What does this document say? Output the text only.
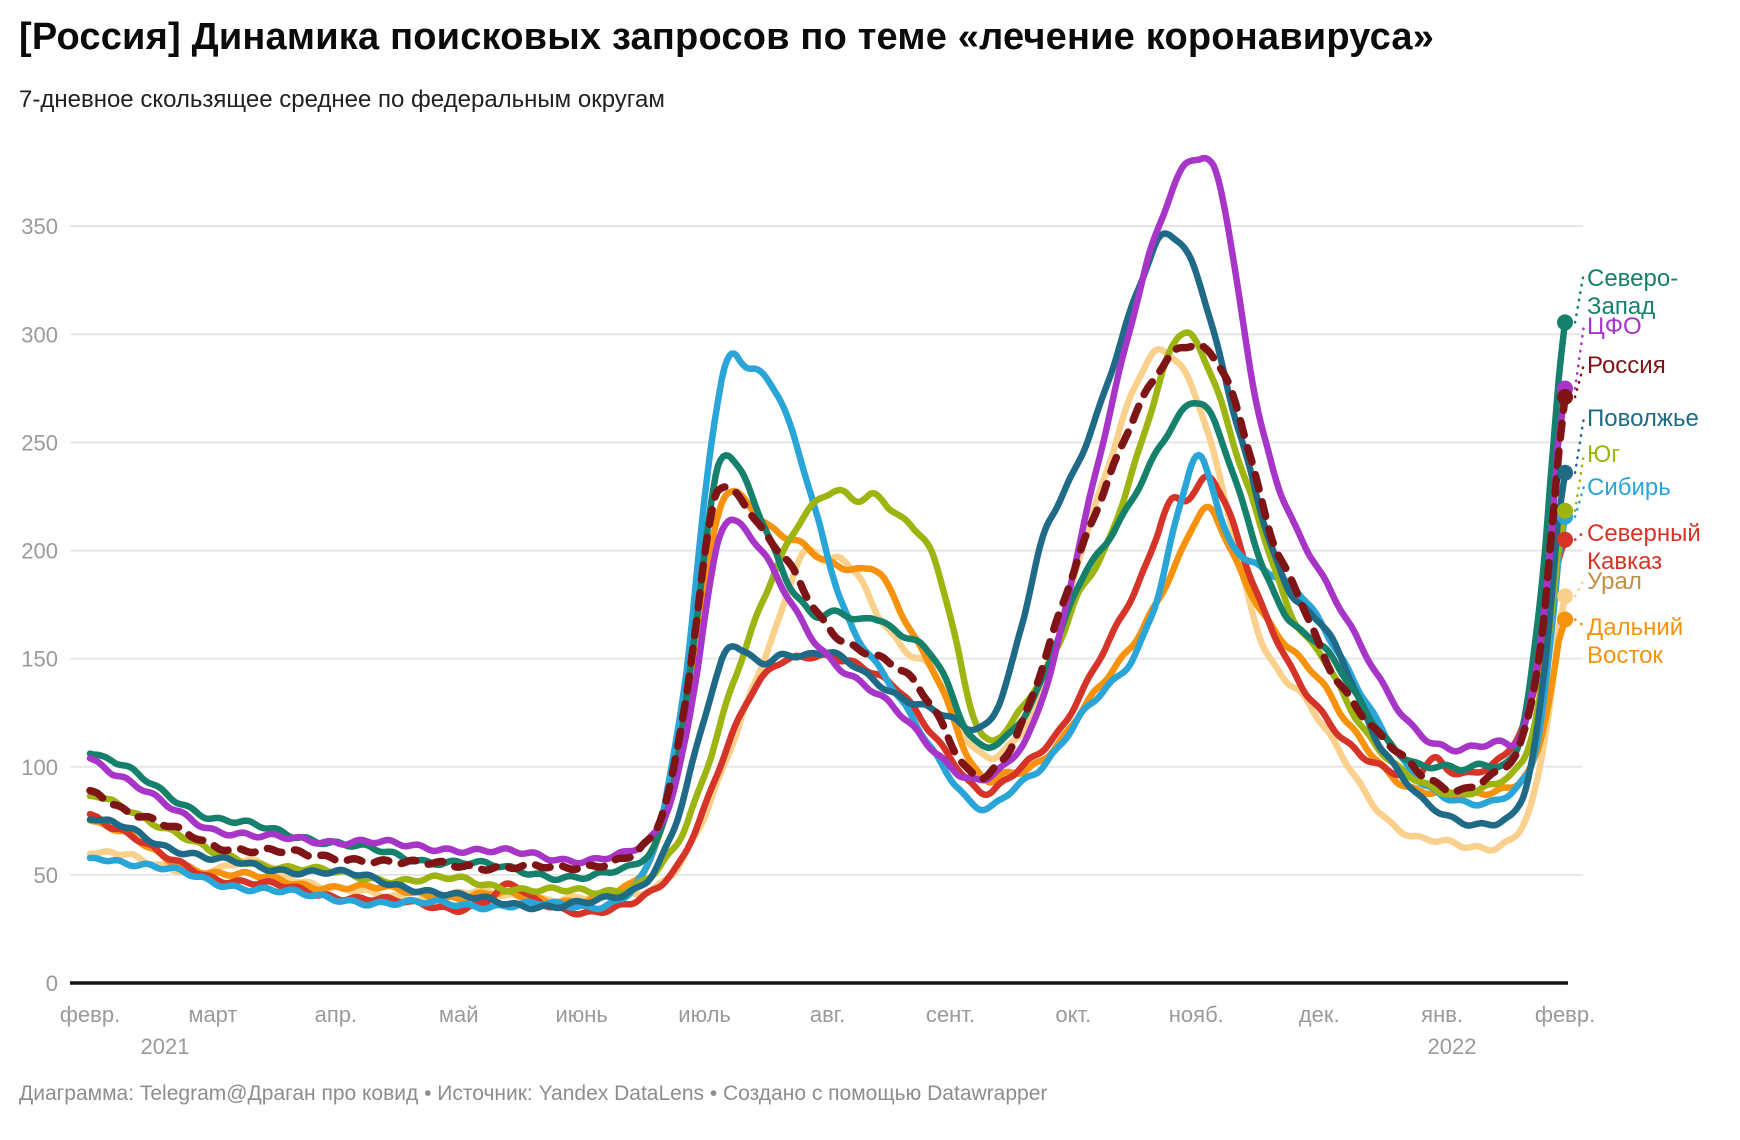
[Россия] Динамика поисковых запросов по теме «лечение коронавируса»

7-дневное скользящее среднее по федеральным округам

0
50
100
150
200
250
300
350
февр.	март	апр.	май	июнь	июль	авг.	сент.	окт.	нояб.	дек.	янв.	февр.
2021	2022
Северо-
Запад
ЦФО
Россия
Поволжье
Юг
Сибирь
Северный
Кавказ
Урал
Дальний
Восток

Диаграмма: Telegram@Драган про ковид • Источник: Yandex DataLens • Создано с помощью Datawrapper
